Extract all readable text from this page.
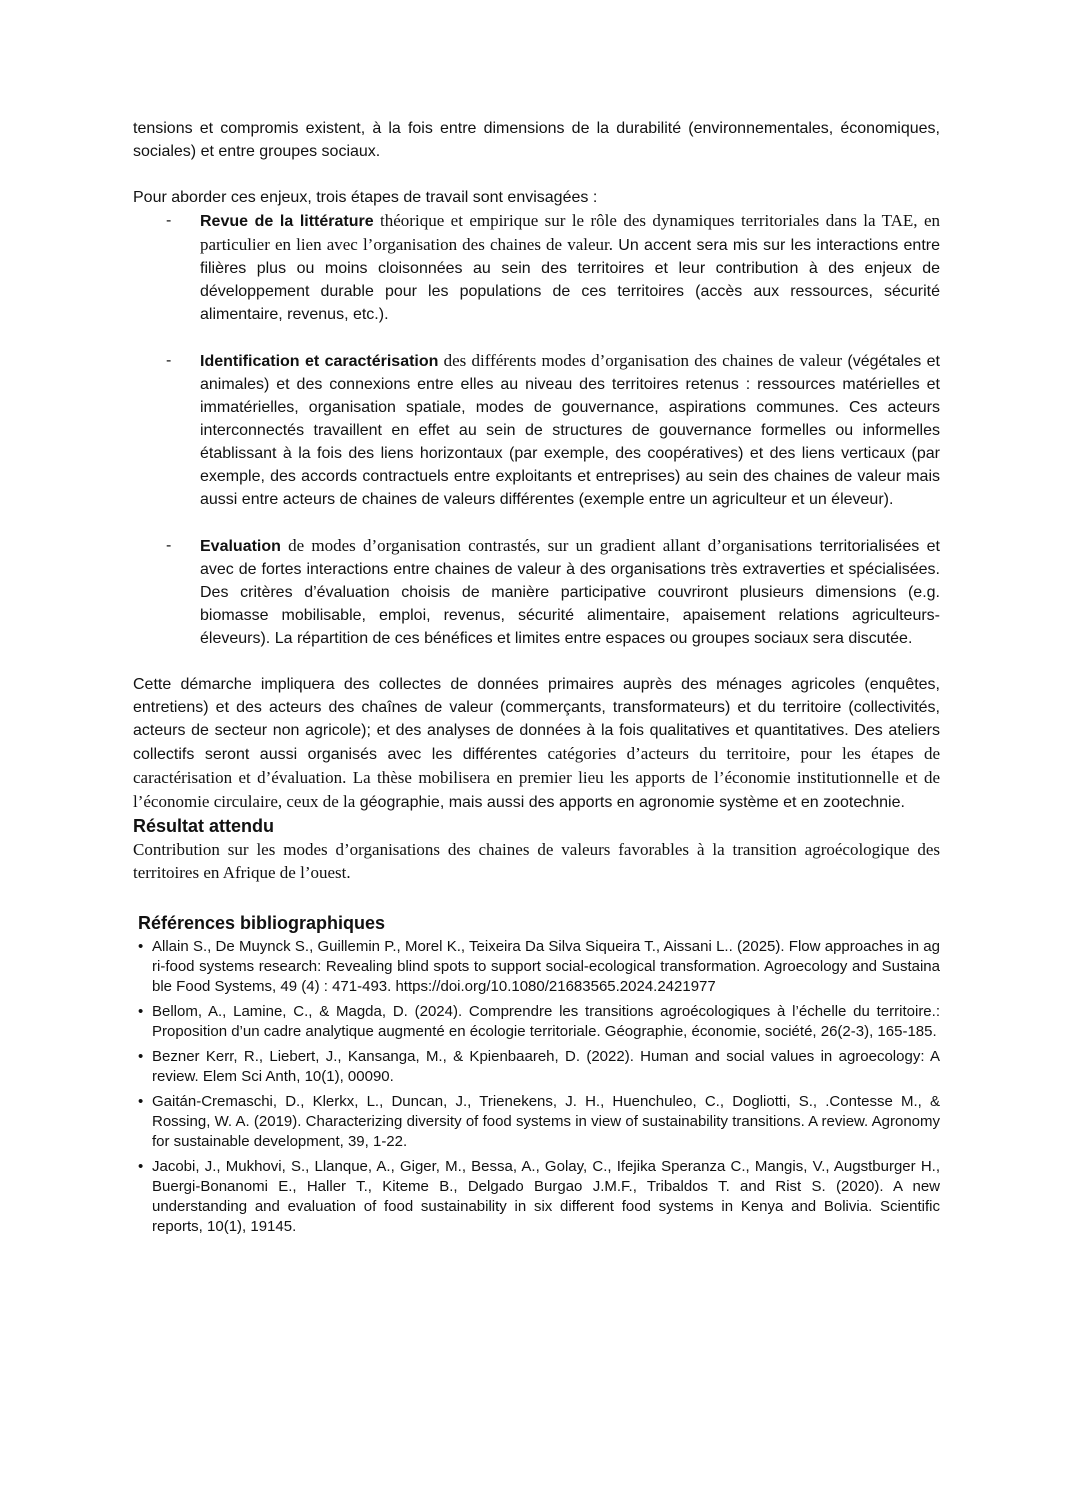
tensions et compromis existent, à la fois entre dimensions de la durabilité (environnementales, économiques, sociales) et entre groupes sociaux.

Pour aborder ces enjeux, trois étapes de travail sont envisagées :

- Revue de la littérature théorique et empirique sur le rôle des dynamiques territoriales dans la TAE, en particulier en lien avec l’organisation des chaines de valeur. Un accent sera mis sur les interactions entre filières plus ou moins cloisonnées au sein des territoires et leur contribution à des enjeux de développement durable pour les populations de ces territoires (accès aux ressources, sécurité alimentaire, revenus, etc.).
- Identification et caractérisation des différents modes d’organisation des chaines de valeur (végétales et animales) et des connexions entre elles au niveau des territoires retenus : ressources matérielles et immatérielles, organisation spatiale, modes de gouvernance, aspirations communes. Ces acteurs interconnectés travaillent en effet au sein de structures de gouvernance formelles ou informelles établissant à la fois des liens horizontaux (par exemple, des coopératives) et des liens verticaux (par exemple, des accords contractuels entre exploitants et entreprises) au sein des chaines de valeur mais aussi entre acteurs de chaines de valeurs différentes (exemple entre un agriculteur et un éleveur).
- Evaluation de modes d’organisation contrastés, sur un gradient allant d’organisations territorialisées et avec de fortes interactions entre chaines de valeur à des organisations très extraverties et spécialisées. Des critères d’évaluation choisis de manière participative couvriront plusieurs dimensions (e.g. biomasse mobilisable, emploi, revenus, sécurité alimentaire, apaisement relations agriculteurs-éleveurs). La répartition de ces bénéfices et limites entre espaces ou groupes sociaux sera discutée.

Cette démarche impliquera des collectes de données primaires auprès des ménages agricoles (enquêtes, entretiens) et des acteurs des chaînes de valeur (commerçants, transformateurs) et du territoire (collectivités, acteurs de secteur non agricole); et des analyses de données à la fois qualitatives et quantitatives. Des ateliers collectifs seront aussi organisés avec les différentes catégories d’acteurs du territoire, pour les étapes de caractérisation et d’évaluation. La thèse mobilisera en premier lieu les apports de l’économie institutionnelle et de l’économie circulaire, ceux de la géographie, mais aussi des apports en agronomie système et en zootechnie.

Résultat attendu

Contribution sur les modes d’organisations des chaines de valeurs favorables à la transition agroécologique des territoires en Afrique de l’ouest.

Références bibliographiques
• Allain S., De Muynck S., Guillemin P., Morel K., Teixeira Da Silva Siqueira T., Aissani L.. (2025). Flow approaches in agri-food systems research: Revealing blind spots to support social-ecological transformation. Agroecology and Sustainable Food Systems, 49 (4) : 471-493. https://doi.org/10.1080/21683565.2024.2421977
• Bellom, A., Lamine, C., & Magda, D. (2024). Comprendre les transitions agroécologiques à l’échelle du territoire.: Proposition d’un cadre analytique augmenté en écologie territoriale. Géographie, économie, société, 26(2-3), 165-185.
• Bezner Kerr, R., Liebert, J., Kansanga, M., & Kpienbaareh, D. (2022). Human and social values in agroecology: A review. Elem Sci Anth, 10(1), 00090.
• Gaitán-Cremaschi, D., Klerkx, L., Duncan, J., Trienekens, J. H., Huenchuleo, C., Dogliotti, S., .Contesse M., & Rossing, W. A. (2019). Characterizing diversity of food systems in view of sustainability transitions. A review. Agronomy for sustainable development, 39, 1-22.
• Jacobi, J., Mukhovi, S., Llanque, A., Giger, M., Bessa, A., Golay, C., Ifejika Speranza C., Mangis, V., Augstburger H., Buergi-Bonanomi E., Haller T., Kiteme B., Delgado Burgao J.M.F., Tribaldos T. and Rist S. (2020). A new understanding and evaluation of food sustainability in six different food systems in Kenya and Bolivia. Scientific reports, 10(1), 19145.
